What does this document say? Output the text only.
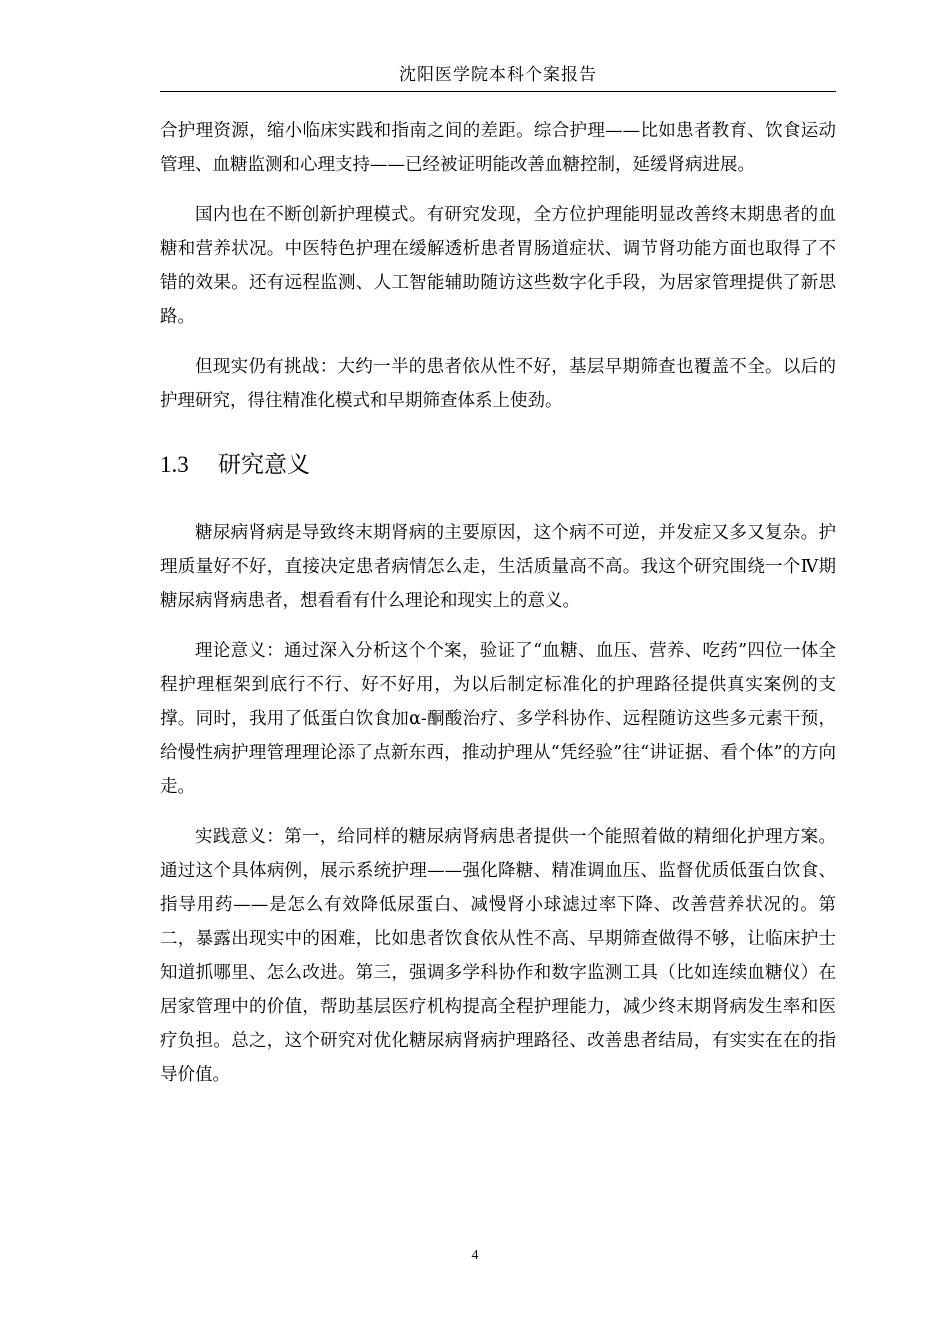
沈阳医学院本科个案报告

合护理资源，缩小临床实践和指南之间的差距。综合护理——比如患者教育、饮食运动管理、血糖监测和心理支持——已经被证明能改善血糖控制，延缓肾病进展。

国内也在不断创新护理模式。有研究发现，全方位护理能明显改善终末期患者的血糖和营养状况。中医特色护理在缓解透析患者胃肠道症状、调节肾功能方面也取得了不错的效果。还有远程监测、人工智能辅助随访这些数字化手段，为居家管理提供了新思路。

但现实仍有挑战：大约一半的患者依从性不好，基层早期筛查也覆盖不全。以后的护理研究，得往精准化模式和早期筛查体系上使劲。

1.3	研究意义

糖尿病肾病是导致终末期肾病的主要原因，这个病不可逆，并发症又多又复杂。护理质量好不好，直接决定患者病情怎么走，生活质量高不高。我这个研究围绕一个Ⅳ期糖尿病肾病患者，想看看有什么理论和现实上的意义。

理论意义：通过深入分析这个个案，验证了“血糖、血压、营养、吃药”四位一体全程护理框架到底行不行、好不好用，为以后制定标准化的护理路径提供真实案例的支撑。同时，我用了低蛋白饮食加α-酮酸治疗、多学科协作、远程随访这些多元素干预，给慢性病护理管理理论添了点新东西，推动护理从“凭经验”往“讲证据、看个体”的方向走。

实践意义：第一，给同样的糖尿病肾病患者提供一个能照着做的精细化护理方案。通过这个具体病例，展示系统护理——强化降糖、精准调血压、监督优质低蛋白饮食、指导用药——是怎么有效降低尿蛋白、减慢肾小球滤过率下降、改善营养状况的。第二，暴露出现实中的困难，比如患者饮食依从性不高、早期筛查做得不够，让临床护士知道抓哪里、怎么改进。第三，强调多学科协作和数字监测工具（比如连续血糖仪）在居家管理中的价值，帮助基层医疗机构提高全程护理能力，减少终末期肾病发生率和医疗负担。总之，这个研究对优化糖尿病肾病护理路径、改善患者结局，有实实在在的指导价值。

4
